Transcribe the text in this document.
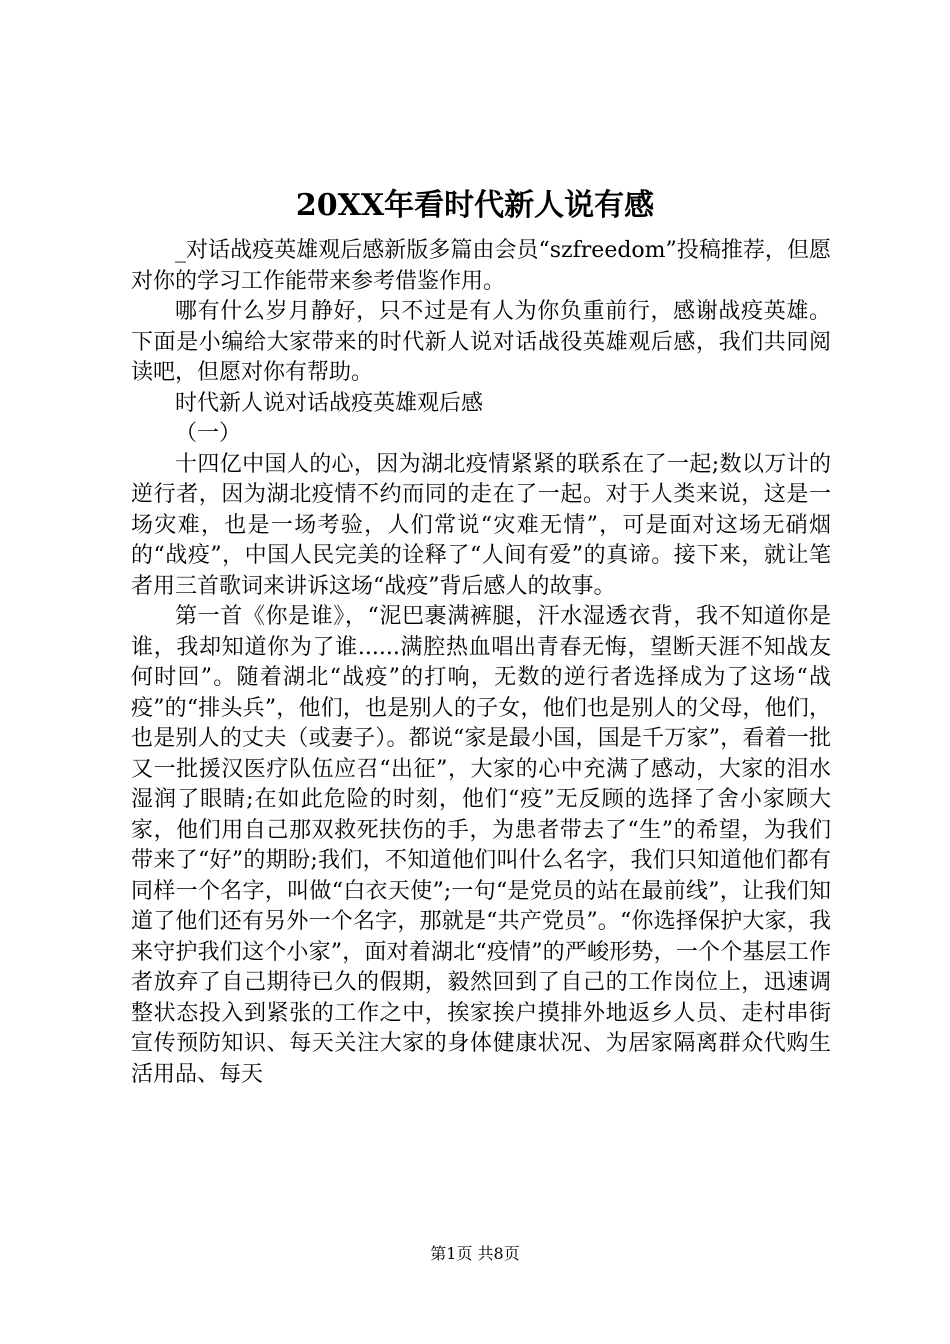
20XX年看时代新人说有感

_对话战疫英雄观后感新版多篇由会员“szfreedom”投稿推荐，但愿对你的学习工作能带来参考借鉴作用。

哪有什么岁月静好，只不过是有人为你负重前行，感谢战疫英雄。下面是小编给大家带来的时代新人说对话战役英雄观后感，我们共同阅读吧，但愿对你有帮助。

时代新人说对话战疫英雄观后感

（一）

十四亿中国人的心，因为湖北疫情紧紧的联系在了一起;数以万计的逆行者，因为湖北疫情不约而同的走在了一起。对于人类来说，这是一场灾难，也是一场考验，人们常说“灾难无情”，可是面对这场无硝烟的“战疫”，中国人民完美的诠释了“人间有爱”的真谛。接下来，就让笔者用三首歌词来讲诉这场“战疫”背后感人的故事。

第一首《你是谁》，“泥巴裹满裤腿，汗水湿透衣背，我不知道你是谁，我却知道你为了谁......满腔热血唱出青春无悔，望断天涯不知战友何时回”。随着湖北“战疫”的打响，无数的逆行者选择成为了这场“战疫”的“排头兵”，他们，也是别人的子女，他们也是别人的父母，他们，也是别人的丈夫（或妻子）。都说“家是最小国，国是千万家”，看着一批又一批援汉医疗队伍应召“出征”，大家的心中充满了感动，大家的泪水湿润了眼睛;在如此危险的时刻，他们“疫”无反顾的选择了舍小家顾大家，他们用自己那双救死扶伤的手，为患者带去了“生”的希望，为我们带来了“好”的期盼;我们，不知道他们叫什么名字，我们只知道他们都有同样一个名字，叫做“白衣天使”;一句“是党员的站在最前线”，让我们知道了他们还有另外一个名字，那就是“共产党员”。“你选择保护大家，我来守护我们这个小家”，面对着湖北“疫情”的严峻形势，一个个基层工作者放弃了自己期待已久的假期，毅然回到了自己的工作岗位上，迅速调整状态投入到紧张的工作之中，挨家挨户摸排外地返乡人员、走村串街宣传预防知识、每天关注大家的身体健康状况、为居家隔离群众代购生活用品、每天

第1页 共8页
